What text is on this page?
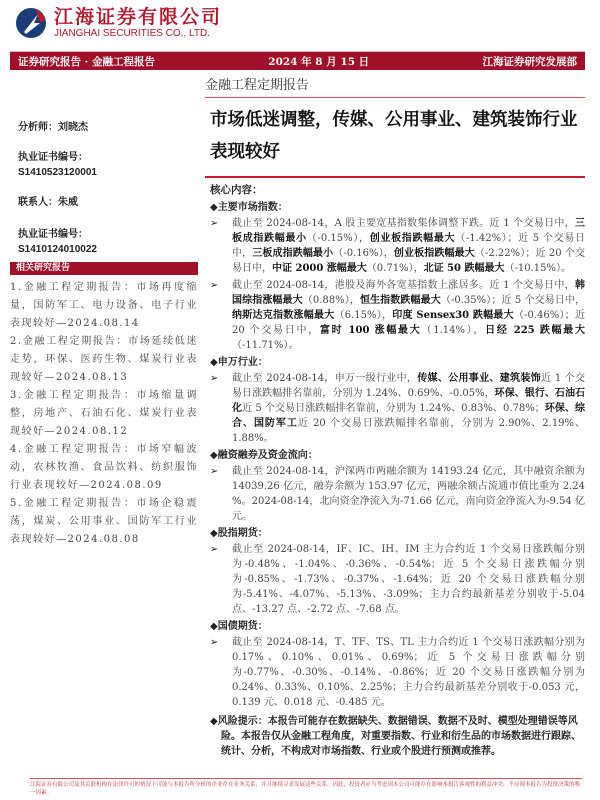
江海证券有限公司
JIANGHAI SECURITIES CO., LTD.
证券研究报告 · 金融工程报告	2024 年 8 月 15 日	江海证券研究发展部
金融工程定期报告
市场低迷调整，传媒、公用事业、建筑装饰行业表现较好
分析师：刘晓杰
执业证书编号：
S1410523120001
联系人：朱威
执业证书编号：
S1410124010022
相关研究报告
1.金融工程定期报告：市场再度缩量，国防军工、电力设备、电子行业表现较好—2024.08.14
2.金融工程定期报告：市场延续低迷走势，环保、医药生物、煤炭行业表现较好—2024.08.13
3.金融工程定期报告：市场缩量调整，房地产、石油石化、煤炭行业表现较好—2024.08.12
4.金融工程定期报告：市场窄幅波动，农林牧渔、食品饮料、纺织服饰行业表现较好—2024.08.09
5.金融工程定期报告：市场企稳震荡，煤炭、公用事业、国防军工行业表现较好—2024.08.08
核心内容：
◆主要市场指数：
➢ 截止至 2024-08-14，A 股主要宽基指数集体调整下跌。近 1 个交易日中，三板成指跌幅最小（-0.15%），创业板指跌幅最大（-1.42%）；近 5 个交易日中，三板成指跌幅最小（-0.16%），创业板指跌幅最大（-2.22%）；近 20 个交易日中，中证 2000 涨幅最大（0.71%），北证 50 跌幅最大（-10.15%）。
➢ 截止至 2024-08-14，港股及海外各宽基指数上涨居多。近 1 个交易日中，韩国综指涨幅最大（0.88%），恒生指数跌幅最大（-0.35%）；近 5 个交易日中，纳斯达克指数涨幅最大（6.15%），印度 Sensex30 跌幅最大（-0.46%）；近 20 个交易日中，富时 100 涨幅最大（1.14%），日经 225 跌幅最大（-11.71%）。
◆申万行业：
➢ 截止至 2024-08-14，申万一级行业中，传媒、公用事业、建筑装饰近 1 个交易日涨跌幅排名靠前，分别为 1.24%、0.69%、-0.05%，环保、银行、石油石化近 5 个交易日涨跌幅排名靠前，分别为 1.24%、0.83%、0.78%；环保、综合、国防军工近 20 个交易日涨跌幅排名靠前，分别为 2.90%、2.19%、1.88%。
◆融资融券及资金流向：
➢ 截止至 2024-08-14，沪深两市两融余额为 14193.24 亿元，其中融资余额为 14039.26 亿元，融券余额为 153.97 亿元，两融余额占流通市值比重为 2.24 %。2024-08-14，北向资金净流入为-71.66 亿元，南向资金净流入为-9.54 亿元。
◆股指期货：
➢ 截止至 2024-08-14，IF、IC、IH、IM 主力合约近 1 个交易日涨跌幅分别为-0.48%、-1.04%、-0.36%、-0.54%；近 5 个交易日涨跌幅分别为-0.85%、-1.73%、-0.37%、-1.64%；近 20 个交易日涨跌幅分别为-5.41%、-4.07%、-5.13%、-3.09%；主力合约最新基差分别收于-5.04 点、-13.27 点、-2.72 点、-7.68 点。
◆国债期货：
➢ 截止至 2024-08-14，T、TF、TS、TL 主力合约近 1 个交易日涨跌幅分别为 0.17%、0.10%、0.01%、0.69%；近 5 个交易日涨跌幅分别为-0.77%、-0.30%、-0.14%、-0.86%；近 20 个交易日涨跌幅分别为 0.24%、0.33%、0.10%、2.25%；主力合约最新基差分别收于-0.053 元，0.139 元、0.018 元、-0.485 元。
◆风险提示：本报告可能存在数据缺失、数据错误、数据不及时、模型处理错误等风险。本报告仅从金融工程角度，对重要指数、行业和衍生品的市场数据进行跟踪、统计、分析，不构成对市场指数、行业或个股进行预测或推荐。
江海证券有限公司及其关联机构在法律许可的情况下可能与本报告所分析的企业存在业务关系，并且继续寻求发展这些关系。因此，投资者应当考虑到本公司可能存在影响本报告客观性的利益冲突，不应视本报告为投资决策的唯一因素。
